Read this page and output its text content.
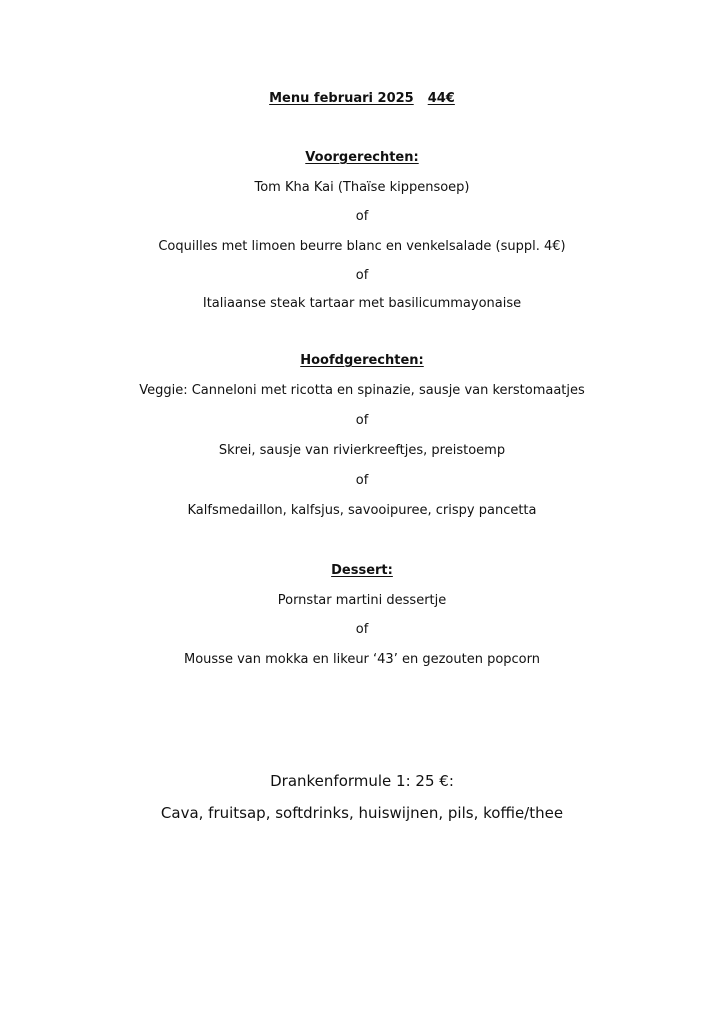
Menu februari 2025 44€
Voorgerechten:
Tom Kha Kai (Thaïse kippensoep)
of
Coquilles met limoen beurre blanc en venkelsalade (suppl. 4€)
of
Italiaanse steak tartaar met basilicummayonaise
Hoofdgerechten:
Veggie: Canneloni met ricotta en spinazie, sausje van kerstomaatjes
of
Skrei, sausje van rivierkreeftjes, preistoemp
of
Kalfsmedaillon, kalfsjus, savooipuree, crispy pancetta
Dessert:
Pornstar martini dessertje
of
Mousse van mokka en likeur ‘43’ en gezouten popcorn
Drankenformule 1: 25 €:
Cava, fruitsap, softdrinks, huiswijnen, pils, koffie/thee
